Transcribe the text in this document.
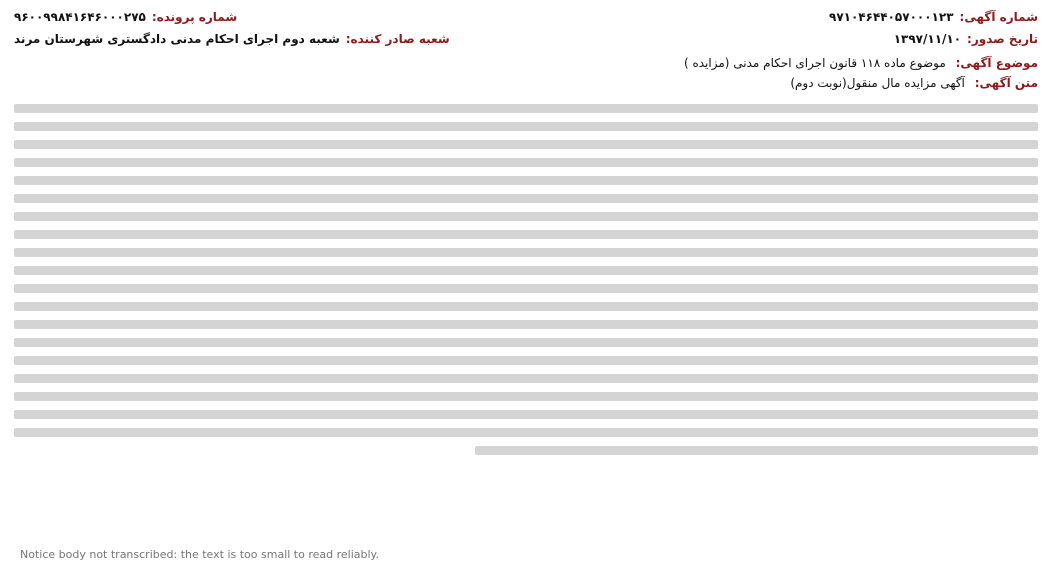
شماره آگهی:
۹۷۱۰۴۶۴۴۰۵۷۰۰۰۱۲۳
شماره پرونده:
۹۶۰۰۹۹۸۴۱۶۴۶۰۰۰۲۷۵
تاریخ صدور:
۱۳۹۷/۱۱/۱۰
شعبه صادر کننده:
شعبه دوم اجرای احکام مدنی دادگستری شهرستان مرند
موضوع آگهی: موضوع ماده ۱۱۸ قانون اجرای احکام مدنی (مزایده )
متن آگهی: آگهی مزایده مال منقول(نوبت دوم)
Notice body not transcribed: the text is too small to read reliably.
